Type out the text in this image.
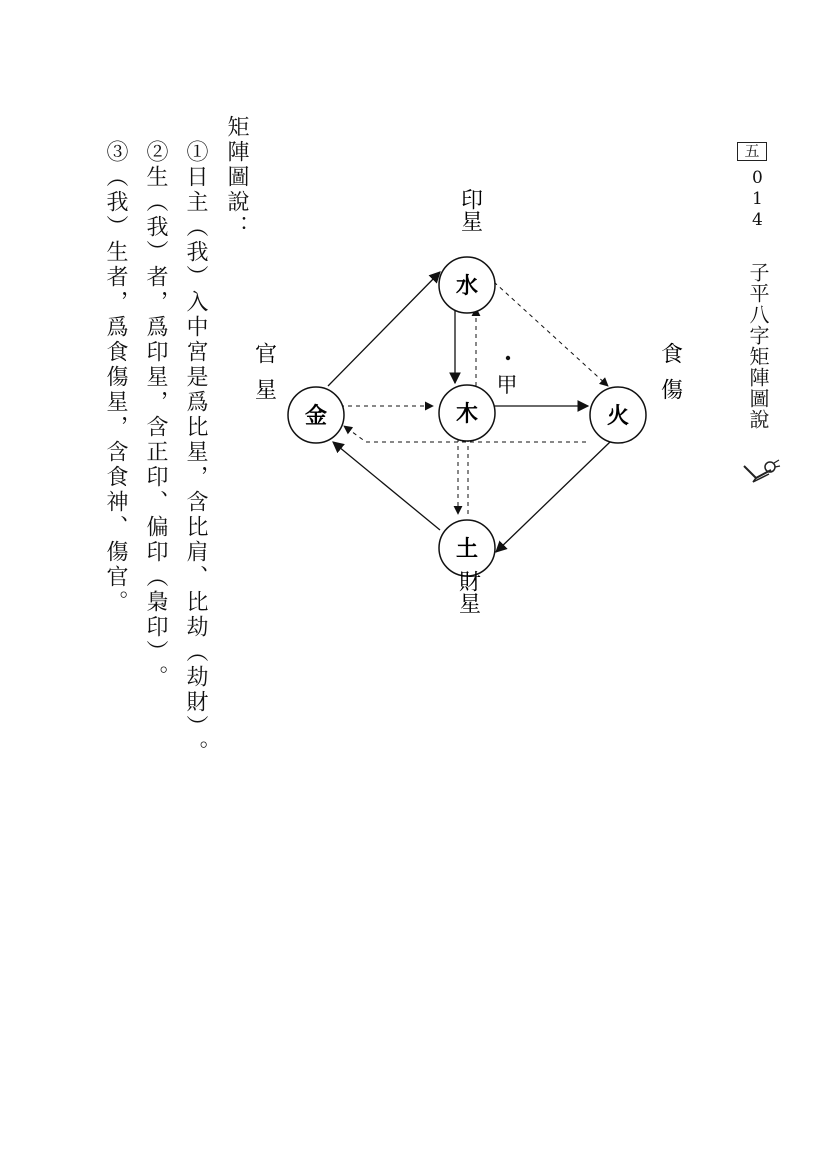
五
0
1
4
子平八字矩陣圖說
矩陣圖說：
①日主︵我︶入中宮是爲比星，含比肩、比劫︵劫財︶。
②生︵我︶者，爲印星，含正印、偏印︵梟印︶。
③︵我︶生者，爲食傷星，含食神、傷官。	水
木
金	火
土
印星
官星	食傷
財星
甲
